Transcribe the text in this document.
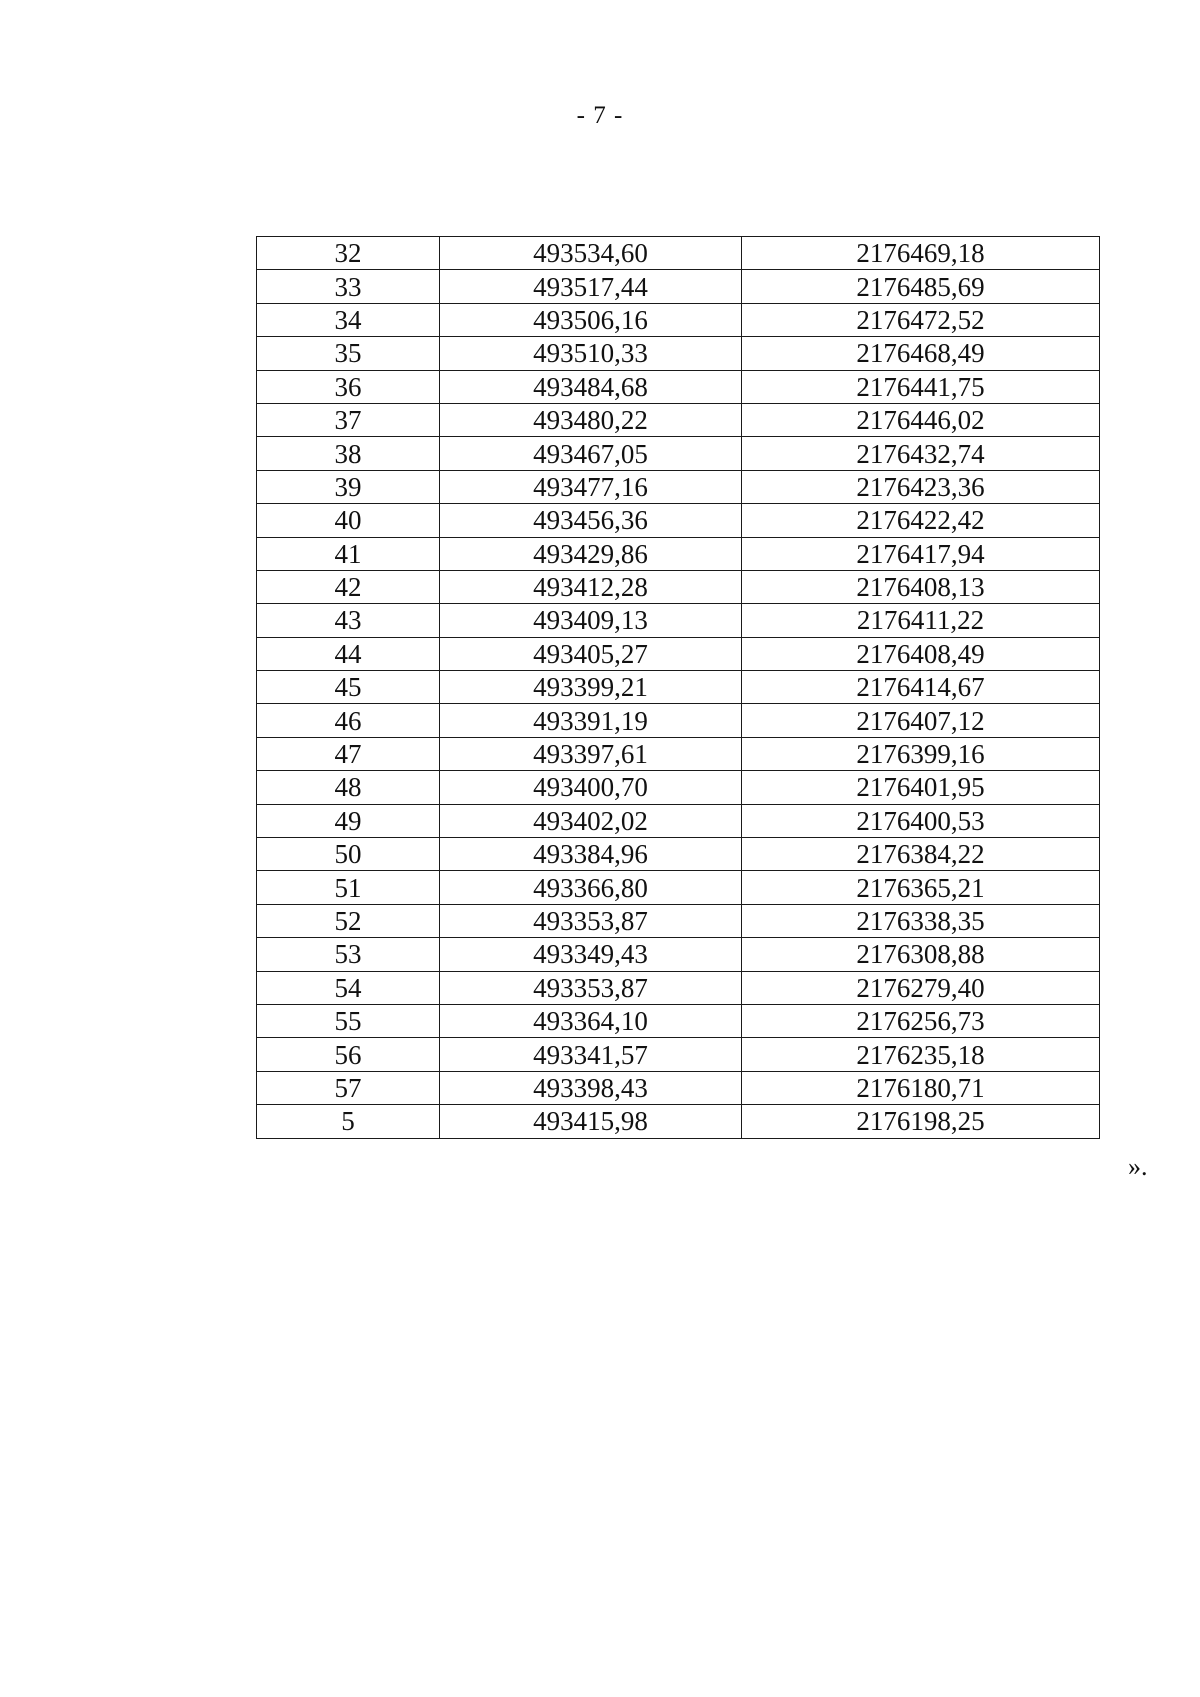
- 7 -
32	493534,60	2176469,18
33	493517,44	2176485,69
34	493506,16	2176472,52
35	493510,33	2176468,49
36	493484,68	2176441,75
37	493480,22	2176446,02
38	493467,05	2176432,74
39	493477,16	2176423,36
40	493456,36	2176422,42
41	493429,86	2176417,94
42	493412,28	2176408,13
43	493409,13	2176411,22
44	493405,27	2176408,49
45	493399,21	2176414,67
46	493391,19	2176407,12
47	493397,61	2176399,16
48	493400,70	2176401,95
49	493402,02	2176400,53
50	493384,96	2176384,22
51	493366,80	2176365,21
52	493353,87	2176338,35
53	493349,43	2176308,88
54	493353,87	2176279,40
55	493364,10	2176256,73
56	493341,57	2176235,18
57	493398,43	2176180,71
5	493415,98	2176198,25
».
